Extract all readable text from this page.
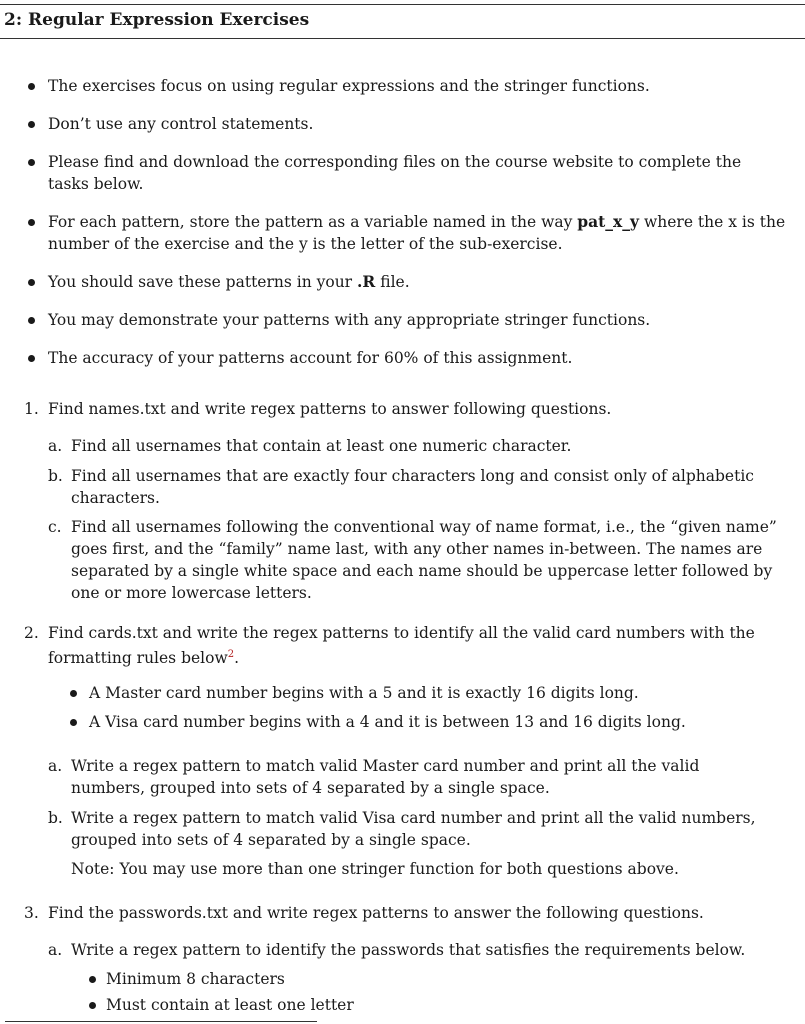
2: Regular Expression Exercises
The exercises focus on using regular expressions and the stringer functions.
Don’t use any control statements.
Please find and download the corresponding files on the course website to complete the tasks below.
For each pattern, store the pattern as a variable named in the way pat_x_y where the x is the number of the exercise and the y is the letter of the sub-exercise.
You should save these patterns in your .R file.
You may demonstrate your patterns with any appropriate stringer functions.
The accuracy of your patterns account for 60% of this assignment.
1. Find names.txt and write regex patterns to answer following questions.
a. Find all usernames that contain at least one numeric character.
b. Find all usernames that are exactly four characters long and consist only of alphabetic characters.
c. Find all usernames following the conventional way of name format, i.e., the “given name” goes first, and the “family” name last, with any other names in-between. The names are separated by a single white space and each name should be uppercase letter followed by one or more lowercase letters.
2. Find cards.txt and write the regex patterns to identify all the valid card numbers with the formatting rules below$^2$.
A Master card number begins with a 5 and it is exactly 16 digits long.
A Visa card number begins with a 4 and it is between 13 and 16 digits long.
a. Write a regex pattern to match valid Master card number and print all the valid numbers, grouped into sets of 4 separated by a single space.
b. Write a regex pattern to match valid Visa card number and print all the valid numbers, grouped into sets of 4 separated by a single space.
Note: You may use more than one stringer function for both questions above.
3. Find the passwords.txt and write regex patterns to answer the following questions.
a. Write a regex pattern to identify the passwords that satisfies the requirements below.
Minimum 8 characters
Must contain at least one letter
